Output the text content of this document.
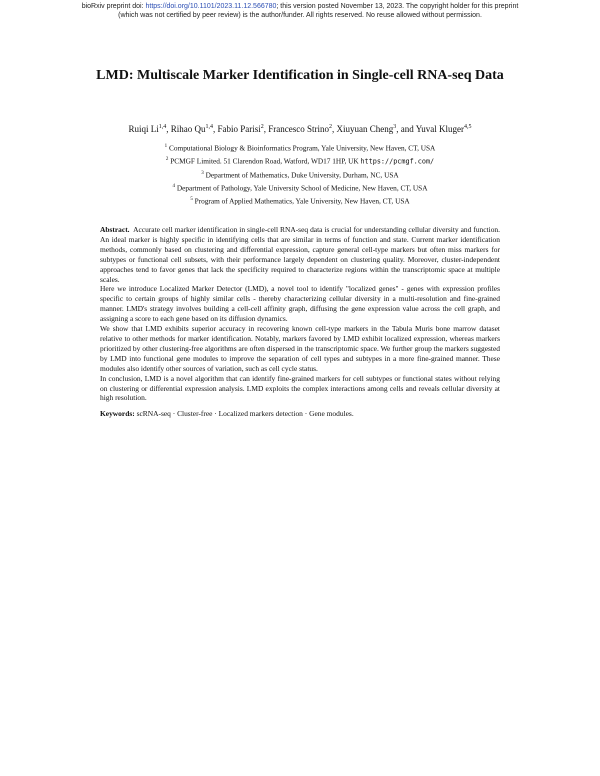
bioRxiv preprint doi: https://doi.org/10.1101/2023.11.12.566780; this version posted November 13, 2023. The copyright holder for this preprint
(which was not certified by peer review) is the author/funder. All rights reserved. No reuse allowed without permission.
LMD: Multiscale Marker Identification in Single-cell RNA-seq Data
Ruiqi Li$^{1,4}$, Rihao Qu$^{1,4}$, Fabio Parisi$^2$, Francesco Strino$^2$, Xiuyuan Cheng$^3$, and Yuval Kluger$^{4,5}$
$^1$ Computational Biology & Bioinformatics Program, Yale University, New Haven, CT, USA
$^2$ PCMGF Limited. 51 Clarendon Road, Watford, WD17 1HP, UK https://pcmgf.com/
$^3$ Department of Mathematics, Duke University, Durham, NC, USA
$^4$ Department of Pathology, Yale University School of Medicine, New Haven, CT, USA
$^5$ Program of Applied Mathematics, Yale University, New Haven, CT, USA

Abstract. Accurate cell marker identification in single-cell RNA-seq data is crucial for understanding cellular diversity and function. An ideal marker is highly specific in identifying cells that are similar in terms of function and state. Current marker identification methods, commonly based on clustering and differential expression, capture general cell-type markers but often miss markers for subtypes or functional cell subsets, with their performance largely dependent on clustering quality. Moreover, cluster-independent approaches tend to favor genes that lack the specificity required to characterize regions within the transcriptomic space at multiple scales.

Here we introduce Localized Marker Detector (LMD), a novel tool to identify "localized genes" - genes with expression profiles specific to certain groups of highly similar cells - thereby characterizing cellular diversity in a multi-resolution and fine-grained manner. LMD's strategy involves building a cell-cell affinity graph, diffusing the gene expression value across the cell graph, and assigning a score to each gene based on its diffusion dynamics.

We show that LMD exhibits superior accuracy in recovering known cell-type markers in the Tabula Muris bone marrow dataset relative to other methods for marker identification. Notably, markers favored by LMD exhibit localized expression, whereas markers prioritized by other clustering-free algorithms are often dispersed in the transcriptomic space. We further group the markers suggested by LMD into functional gene modules to improve the separation of cell types and subtypes in a more fine-grained manner. These modules also identify other sources of variation, such as cell cycle status.

In conclusion, LMD is a novel algorithm that can identify fine-grained markers for cell subtypes or functional states without relying on clustering or differential expression analysis. LMD exploits the complex interactions among cells and reveals cellular diversity at high resolution.

Keywords: scRNA-seq · Cluster-free · Localized markers detection · Gene modules.
